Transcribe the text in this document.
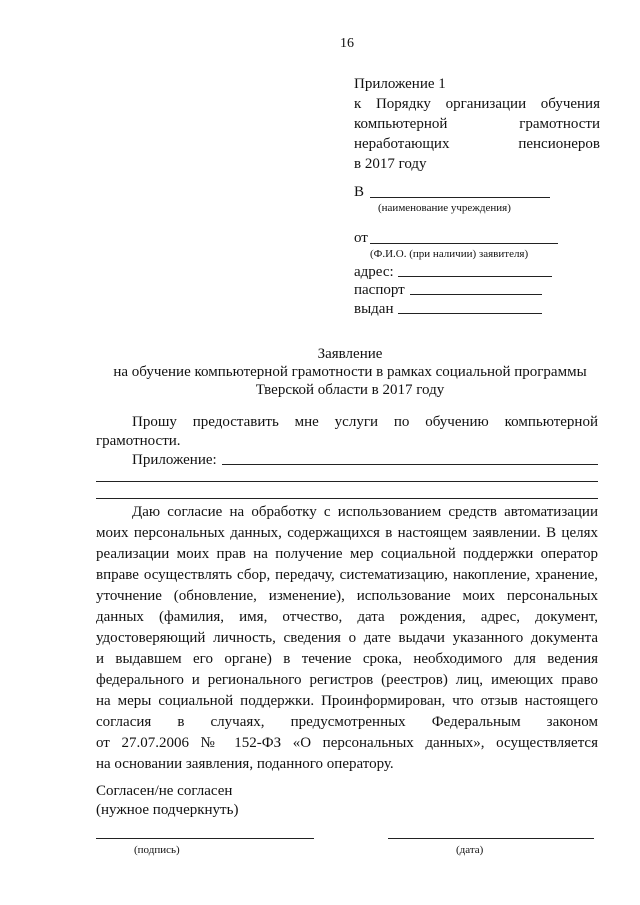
16
Приложение 1
к Порядку организации обучения
компьютерной грамотности
неработающих пенсионеров
в 2017 году
В
(наименование учреждения)
от
(Ф.И.О. (при наличии) заявителя)
адрес:
паспорт
выдан
Заявление
на обучение компьютерной грамотности в рамках социальной программы
Тверской области в 2017 году
Прошу предоставить мне услуги по обучению компьютерной
грамотности.
Приложение:
Даю согласие на обработку с использованием средств автоматизации
моих персональных данных, содержащихся в настоящем заявлении. В целях
реализации моих прав на получение мер социальной поддержки оператор
вправе осуществлять сбор, передачу, систематизацию, накопление, хранение,
уточнение (обновление, изменение), использование моих персональных
данных (фамилия, имя, отчество, дата рождения, адрес, документ,
удостоверяющий личность, сведения о дате выдачи указанного документа
и выдавшем его органе) в течение срока, необходимого для ведения
федерального и регионального регистров (реестров) лиц, имеющих право
на меры социальной поддержки. Проинформирован, что отзыв настоящего
согласия в случаях, предусмотренных Федеральным законом
от 27.07.2006 № 152-ФЗ «О персональных данных», осуществляется
на основании заявления, поданного оператору.
Согласен/не согласен
(нужное подчеркнуть)
(подпись)	(дата)
